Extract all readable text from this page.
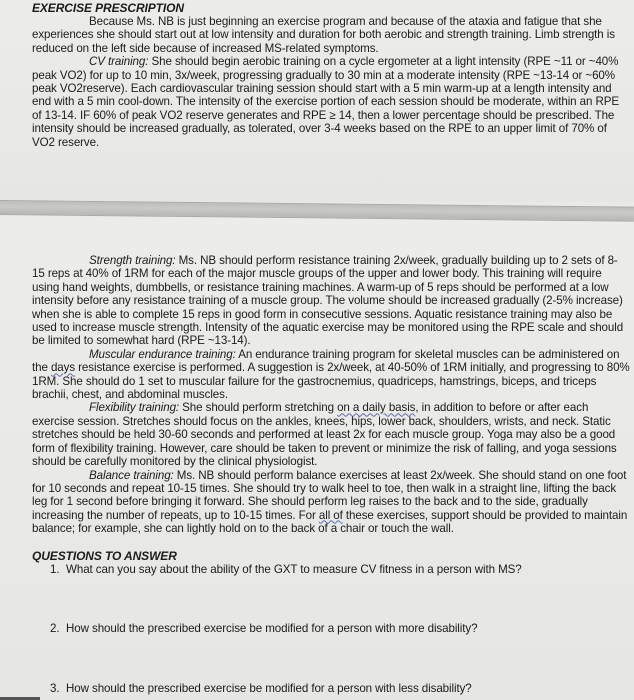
EXERCISE PRESCRIPTION

Because Ms. NB is just beginning an exercise program and because of the ataxia and fatigue that she experiences she should start out at low intensity and duration for both aerobic and strength training. Limb strength is reduced on the left side because of increased MS-related symptoms.

CV training: She should begin aerobic training on a cycle ergometer at a light intensity (RPE ~11 or ~40% peak VO2) for up to 10 min, 3x/week, progressing gradually to 30 min at a moderate intensity (RPE ~13-14 or ~60% peak VO2reserve). Each cardiovascular training session should start with a 5 min warm-up at a length intensity and end with a 5 min cool-down. The intensity of the exercise portion of each session should be moderate, within an RPE of 13-14. IF 60% of peak VO2 reserve generates and RPE ≥ 14, then a lower percentage should be prescribed. The intensity should be increased gradually, as tolerated, over 3-4 weeks based on the RPE to an upper limit of 70% of VO2 reserve.

Strength training: Ms. NB should perform resistance training 2x/week, gradually building up to 2 sets of 8-15 reps at 40% of 1RM for each of the major muscle groups of the upper and lower body. This training will require using hand weights, dumbbells, or resistance training machines. A warm-up of 5 reps should be performed at a low intensity before any resistance training of a muscle group. The volume should be increased gradually (2-5% increase) when she is able to complete 15 reps in good form in consecutive sessions. Aquatic resistance training may also be used to increase muscle strength. Intensity of the aquatic exercise may be monitored using the RPE scale and should be limited to somewhat hard (RPE ~13-14).

Muscular endurance training: An endurance training program for skeletal muscles can be administered on the days resistance exercise is performed. A suggestion is 2x/week, at 40-50% of 1RM initially, and progressing to 80% 1RM. She should do 1 set to muscular failure for the gastrocnemius, quadriceps, hamstrings, biceps, and triceps brachii, chest, and abdominal muscles.

Flexibility training: She should perform stretching on a daily basis, in addition to before or after each exercise session. Stretches should focus on the ankles, knees, hips, lower back, shoulders, wrists, and neck. Static stretches should be held 30-60 seconds and performed at least 2x for each muscle group. Yoga may also be a good form of flexibility training. However, care should be taken to prevent or minimize the risk of falling, and yoga sessions should be carefully monitored by the clinical physiologist.

Balance training: Ms. NB should perform balance exercises at least 2x/week. She should stand on one foot for 10 seconds and repeat 10-15 times. She should try to walk heel to toe, then walk in a straight line, lifting the back leg for 1 second before bringing it forward. She should perform leg raises to the back and to the side, gradually increasing the number of repeats, up to 10-15 times. For all of these exercises, support should be provided to maintain balance; for example, she can lightly hold on to the back of a chair or touch the wall.

QUESTIONS TO ANSWER
1. What can you say about the ability of the GXT to measure CV fitness in a person with MS?
2. How should the prescribed exercise be modified for a person with more disability?
3. How should the prescribed exercise be modified for a person with less disability?
